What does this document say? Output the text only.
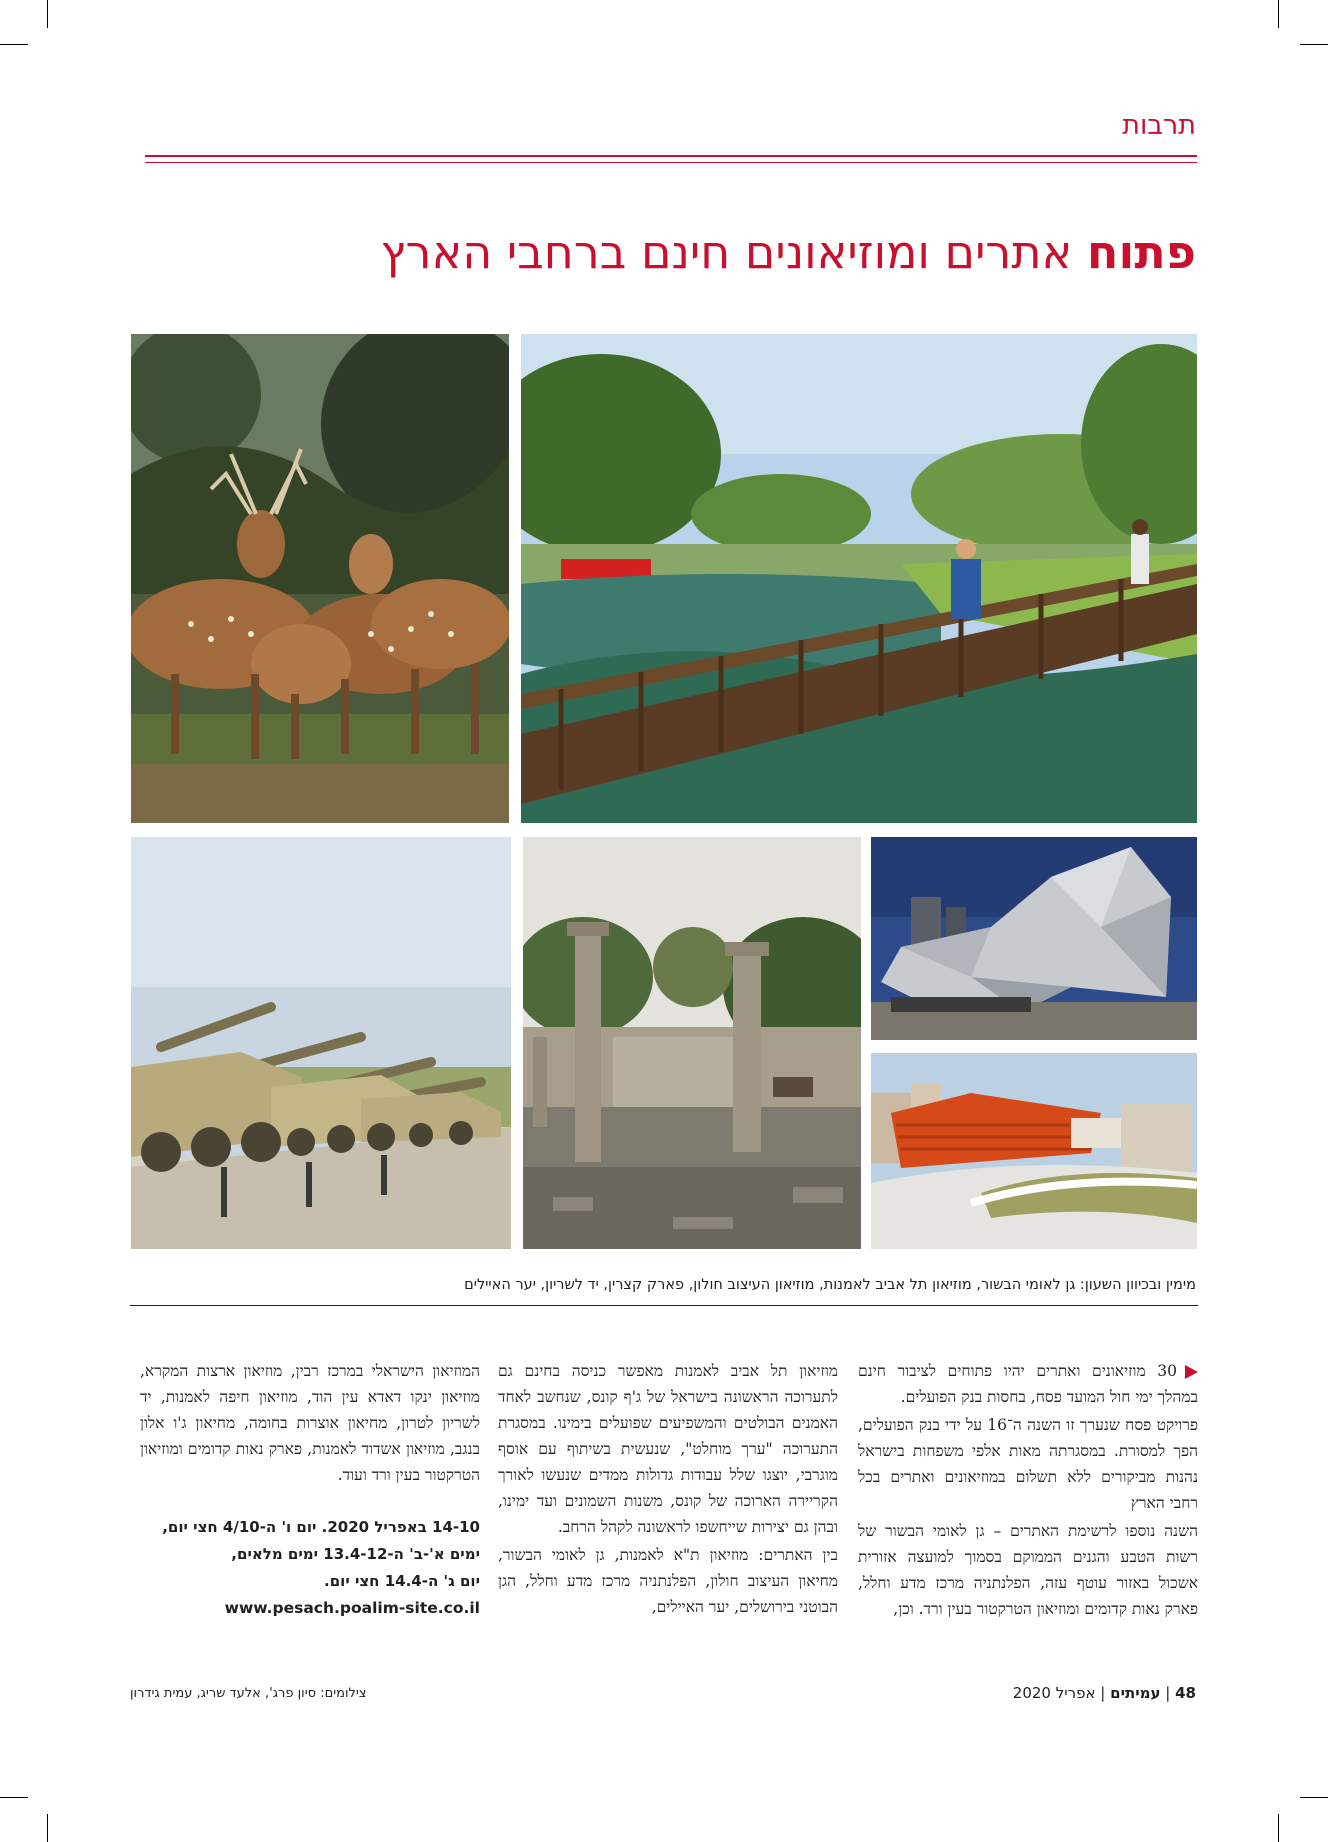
תרבות
פתוח אתרים ומוזיאונים חינם ברחבי הארץ
מימין ובכיוון השעון: גן לאומי הבשור, מוזיאון תל אביב לאמנות, מוזיאון העיצוב חולון, פארק קצרין, יד לשריון, יער האיילים

30 מוזיאונים ואתרים יהיו פתוחים לציבור חינם במהלך ימי חול המועד פסח, בחסות בנק הפועלים.

פרויקט פסח שנערך זו השנה ה־16 על ידי בנק הפועלים, הפך למסורת. במסגרתה מאות אלפי משפחות בישראל נהנות מביקורים ללא תשלום במוזיאונים ואתרים בכל רחבי הארץ

השנה נוספו לרשימת האתרים – גן לאומי הבשור של רשות הטבע והגנים הממוקם בסמוך למועצה אזורית אשכול באזור עוטף עזה, הפלנתניה מרכז מדע וחלל, פארק נאות קדומים ומוזיאון הטרקטור בעין ורד. וכן,

מוזיאון תל אביב לאמנות מאפשר כניסה בחינם גם לתערוכה הראשונה בישראל של ג'ף קונס, שנחשב לאחד האמנים הבולטים והמשפיעים שפועלים בימינו. במסגרת התערוכה "ערך מוחלט", שנעשית בשיתוף עם אוסף מוגרבי, יוצגו שלל עבודות גדולות ממדים שנעשו לאורך הקריירה הארוכה של קונס, משנות השמונים ועד ימינו, ובהן גם יצירות שייחשפו לראשונה לקהל הרחב.

בין האתרים: מוזיאון ת"א לאמנות, גן לאומי הבשור, מחיאון העיצוב חולון, הפלנתניה מרכז מדע וחלל, הגן הבוטני בירושלים, יער האיילים,

המוזיאון הישראלי במרכז רבין, מוזיאון ארצות המקרא, מוזיאון ינקו דאדא עין הוד, מוזיאון חיפה לאמנות, יד לשריון לטרון, מחיאון אוצרות בחומה, מחיאון ג'ו אלון בנגב, מוזיאון אשדוד לאמנות, פארק נאות קדומים ומוזיאון הטרקטור בעין ורד ועוד.

14-10 באפריל 2020. יום ו' ה-4/10 חצי יום,
ימים א'-ב' ה-13.4-12 ימים מלאים,
יום ג' ה-14.4 חצי יום.
www.pesach.poalim-site.co.il
48 | עמיתים | אפריל 2020
צילומים: סיון פרג', אלעד שריג, עמית גידרון
